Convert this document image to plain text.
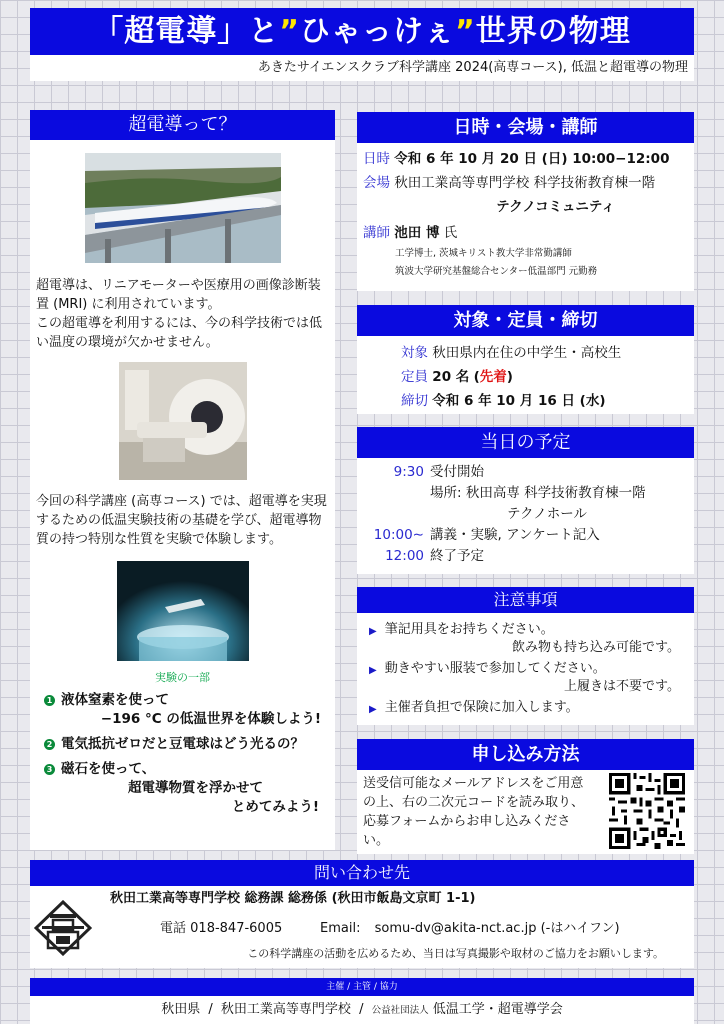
「超電導」と”ひゃっけぇ”世界の物理
あきたサイエンスクラブ科学講座 2024(高専コース), 低温と超電導の物理
超電導って？
超電導は、リニアモーターや医療用の画像診断装置 (MRI) に利用されています。
この超電導を利用するには、今の科学技術では低い温度の環境が欠かせません。
今回の科学講座 (高専コース) では、超電導を実現するための低温実験技術の基礎を学び、超電導物質の持つ特別な性質を実験で体験します。
実験の一部
1 液体窒素を使って
−196 °C の低温世界を体験しよう!
2 電気抵抗ゼロだと豆電球はどう光るの？
3 磁石を使って、
超電導物質を浮かせて
とめてみよう!
日時・会場・講師
日時 令和 6 年 10 月 20 日 (日) 10:00−12:00
会場 秋田工業高等専門学校 科学技術教育棟一階
テクノコミュニティ
講師 池田 博 氏
工学博士, 茨城キリスト教大学非常勤講師
筑波大学研究基盤総合センター低温部門 元勤務
対象・定員・締切
対象 秋田県内在住の中学生・高校生
定員 20 名 (先着)
締切 令和 6 年 10 月 16 日 (水)
当日の予定
9:30 受付開始
場所: 秋田高専 科学技術教育棟一階
テクノホール
10:00∼ 講義・実験, アンケート記入
12:00 終了予定
注意事項
▶ 筆記用具をお持ちください。
飲み物も持ち込み可能です。
▶ 動きやすい服装で参加してください。
上履きは不要です。
▶ 主催者負担で保険に加入します。
申し込み方法
送受信可能なメールアドレスをご用意の上、右の二次元コードを読み取り、応募フォームからお申し込みください。
問い合わせ先
秋田工業高等専門学校 総務課 総務係 (秋田市飯島文京町 1-1)
電話 018-847-6005	Email: somu-dv@akita-nct.ac.jp (-はハイフン)
この科学講座の活動を広めるため、当日は写真撮影や取材のご協力をお願いします。
主催 / 主管 / 協力
秋田県 / 秋田工業高等専門学校 / 公益社団法人 低温工学・超電導学会
